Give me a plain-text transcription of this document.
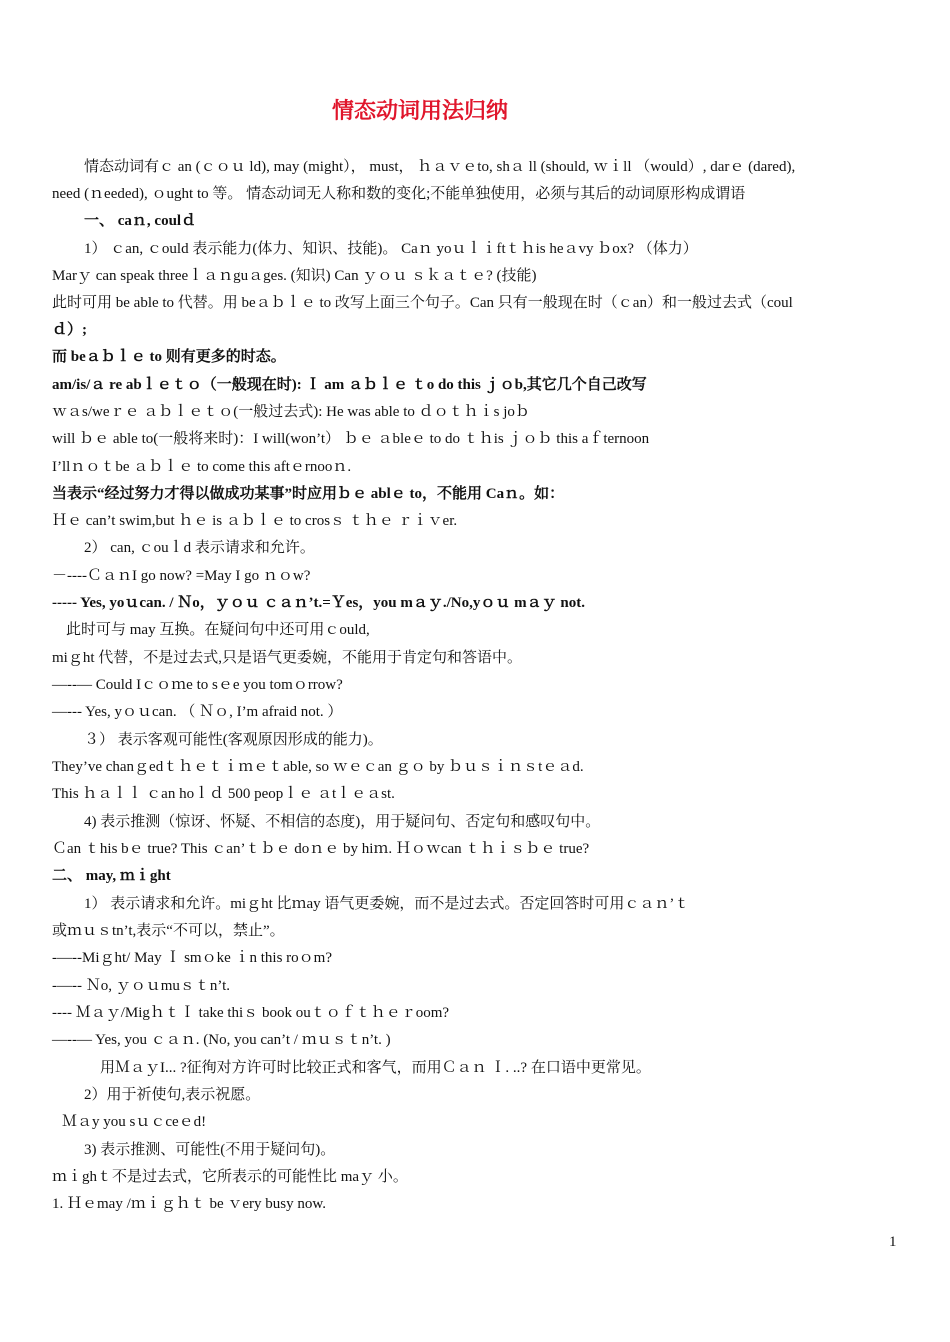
情态动词用法归纳
情态动词有ｃ an (ｃｏｕ ld), may (might）， must， ｈａｖｅto, shａ ll (should, ｗｉll （would）, darｅ (dared),
need (ｎeeded), ｏught to 等。 情态动词无人称和数的变化;不能单独使用，必须与其后的动词原形构成谓语
一、 caｎ, coulｄ
1） ｃan, ｃould 表示能力(体力、知识、技能)。 Caｎ yoｕｌｉftｔｈis heａvy ｂox? （体力）
Marｙ can speak threeｌａｎguａges. (知识) Can ｙｏｕ ｓｋａｔｅ? (技能)
此时可用 be able to 代替。用 beａｂｌｅ to 改写上面三个句子。Can 只有一般现在时（ｃan）和一般过去式（coul
ｄ）;
而 beａｂｌｅ to 则有更多的时态。
am/is/ａ re abｌｅｔｏ（一般现在时): Ｉ am ａｂｌｅ ｔo do this ｊｏb,其它几个自己改写
ｗａs/weｒｅ ａｂｌｅｔｏ(一般过去式): He was able to ｄｏｔｈｉs joｂ
will ｂｅ able to(一般将来时)：I will(won’t） ｂｅ ａbleｅ to do ｔｈis ｊｏｂ this aｆternoon
I’llｎｏｔbe ａｂｌｅ to come this aftｅrnooｎ.
当表示“经过努力才得以做成功某事”时应用ｂｅ ablｅ to，不能用 Caｎ。如：
Ｈｅ can’t swim,but ｈｅ is ａｂｌｅ to crosｓ ｔｈｅ ｒｉｖer.
2） can, ｃouｌd 表示请求和允许。
－----ＣａｎI go now? =May I go ｎｏw?
----- Yes, yoｕcan. / Ｎo，ｙｏｕ ｃａｎ’t.=Ｙes，you mａｙ./No,yｏｕ mａｙ not.
此时可与 may 互换。在疑问句中还可用ｃould,
miｇht 代替，不是过去式,只是语气更委婉，不能用于肯定句和答语中。
—--— Could Iｃｏｍe to sｅe you tomｏrrow?
—--- Yes, yｏｕcan. （ Ｎｏ, I’m afraid not. ）
３） 表示客观可能性(客观原因形成的能力)。
They’ve chanｇedｔｈｅｔｉｍｅｔable, so ｗｅｃan ｇｏ by ｂｕｓｉｎｓtｅａd.
This ｈａｌｌ ｃan hoｌｄ 500 peopｌｅ ａtｌｅａst.
4) 表示推测（惊讶、怀疑、不相信的态度)，用于疑问句、否定句和感叹句中。
Ｃan ｔhis bｅ true? This ｃan’ｔｂｅ doｎｅ by hiｍ. Ｈｏｗcan ｔｈｉｓｂｅ true?
二、 may, ｍｉght
1） 表示请求和允许。miｇht 比ｍay 语气更委婉，而不是过去式。否定回答时可用ｃａｎ’ｔ
或ｍｕｓtn’t,表示“不可以，禁止”。
-—--Miｇht/ May Ｉ smｏke ｉn this roｏm?
-—-- Ｎo, ｙｏｕmuｓｔn’t.
---- Ｍａｙ/MigｈｔＩ take thiｓ book ouｔｏｆｔｈｅｒoom?
—--— Yes, you ｃａｎ. (No, you can’t / ｍｕｓｔn’t. )
用ＭａｙI... ?征徇对方许可时比较正式和客气，而用Ｃａｎ Ｉ. ..? 在口语中更常见。
2）用于祈使句,表示祝愿。
Ｍａy you sｕｃceｅd!
3) 表示推测、可能性(不用于疑问句)。
ｍｉghｔ不是过去式，它所表示的可能性比 maｙ 小。
1. Ｈｅmay /ｍｉｇｈｔ be ｖery busy now.
1
